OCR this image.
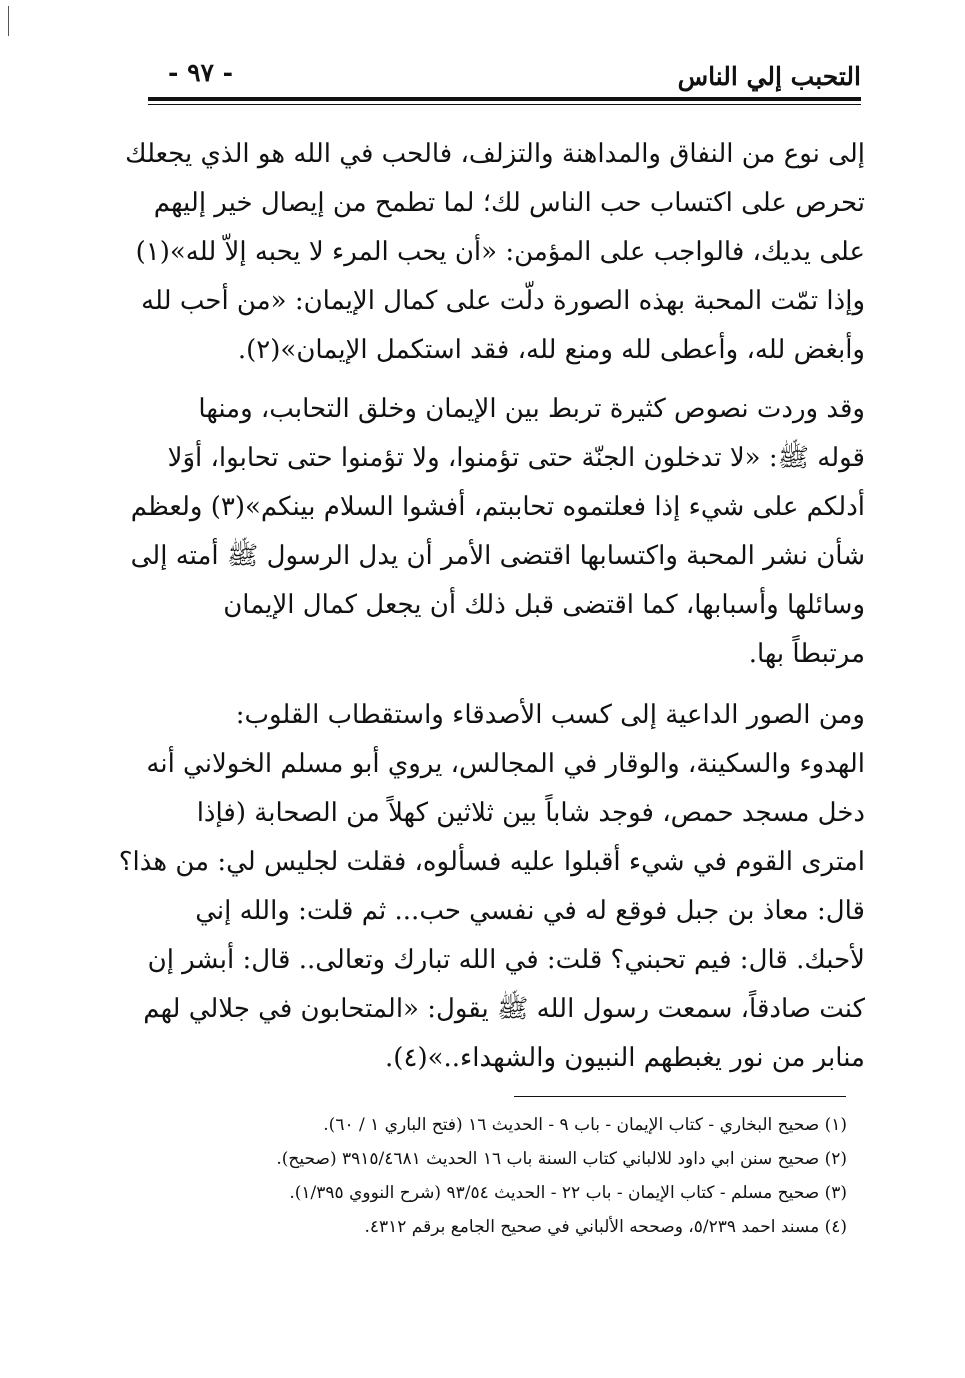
التحبب إلي الناس
- ٩٧ -
إلى نوع من النفاق والمداهنة والتزلف، فالحب في الله هو الذي يجعلك
تحرص على اكتساب حب الناس لك؛ لما تطمح من إيصال خير إليهم
على يديك، فالواجب على المؤمن: «أن يحب المرء لا يحبه إلاّ لله»(١)
وإذا تمّت المحبة بهذه الصورة دلّت على كمال الإيمان: «من أحب لله
وأبغض لله، وأعطى لله ومنع لله، فقد استكمل الإيمان»(٢).
وقد وردت نصوص كثيرة تربط بين الإيمان وخلق التحابب، ومنها
قوله ﷺ: «لا تدخلون الجنّة حتى تؤمنوا، ولا تؤمنوا حتى تحابوا، أوَلا
أدلكم على شيء إذا فعلتموه تحاببتم، أفشوا السلام بينكم»(٣) ولعظم
شأن نشر المحبة واكتسابها اقتضى الأمر أن يدل الرسول ﷺ أمته إلى
وسائلها وأسبابها، كما اقتضى قبل ذلك أن يجعل كمال الإيمان
مرتبطاً بها.
ومن الصور الداعية إلى كسب الأصدقاء واستقطاب القلوب:
الهدوء والسكينة، والوقار في المجالس، يروي أبو مسلم الخولاني أنه
دخل مسجد حمص، فوجد شاباً بين ثلاثين كهلاً من الصحابة (فإذا
امترى القوم في شيء أقبلوا عليه فسألوه، فقلت لجليس لي: من هذا؟
قال: معاذ بن جبل فوقع له في نفسي حب... ثم قلت: والله إني
لأحبك. قال: فيم تحبني؟ قلت: في الله تبارك وتعالى.. قال: أبشر إن
كنت صادقاً، سمعت رسول الله ﷺ يقول: «المتحابون في جلالي لهم
منابر من نور يغبطهم النبيون والشهداء..»(٤).
(١) صحيح البخاري - كتاب الإيمان - باب ٩ - الحديث ١٦ (فتح الباري ١ / ٦٠).
(٢) صحيح سنن ابي داود للالباني كتاب السنة باب ١٦ الحديث ٣٩١٥/٤٦٨١ (صحيح).
(٣) صحيح مسلم - كتاب الإيمان - باب ٢٢ - الحديث ٩٣/٥٤ (شرح النووي ١/٣٩٥).
(٤) مسند احمد ٥/٢٣٩، وصححه الألباني في صحيح الجامع برقم ٤٣١٢.
